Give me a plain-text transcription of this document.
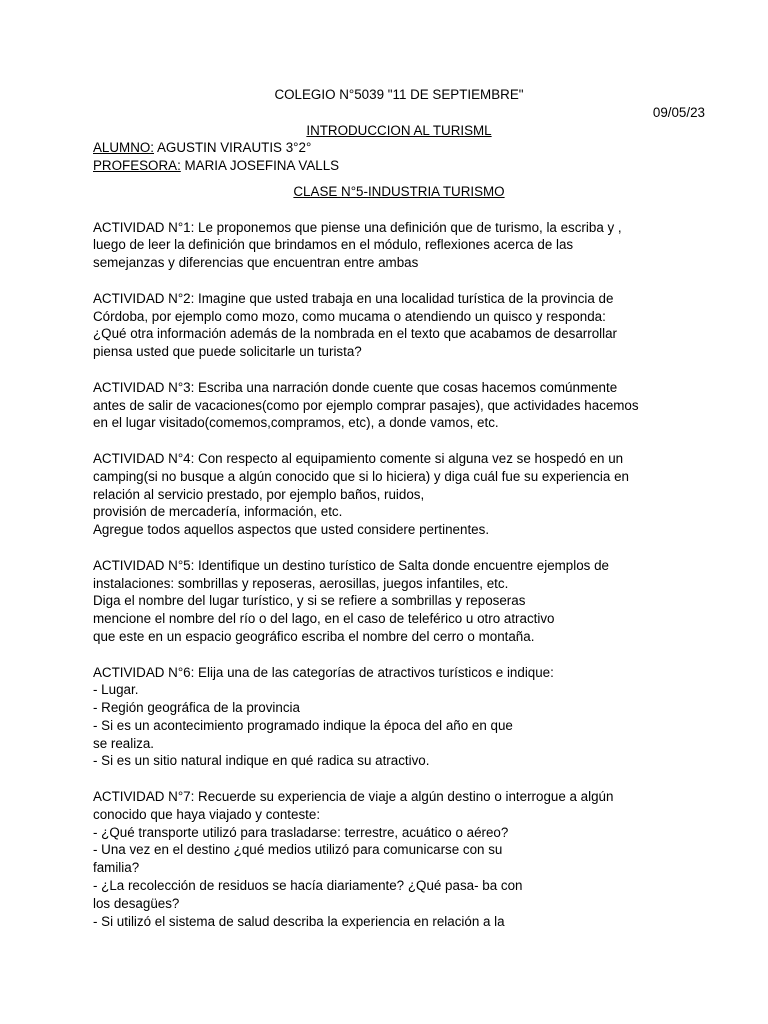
COLEGIO N°5039 "11 DE SEPTIEMBRE"
09/05/23
INTRODUCCION AL TURISML
ALUMNO: AGUSTIN VIRAUTIS 3°2°
PROFESORA: MARIA JOSEFINA VALLS
CLASE N°5-INDUSTRIA TURISMO
ACTIVIDAD N°1: Le proponemos que piense una definición que de turismo, la escriba y ,
luego de leer la definición que brindamos en el módulo, reflexiones acerca de las
semejanzas y diferencias que encuentran entre ambas
ACTIVIDAD N°2: Imagine que usted trabaja en una localidad turística de la provincia de
Córdoba, por ejemplo como mozo, como mucama o atendiendo un quisco y responda:
¿Qué otra información además de la nombrada en el texto que acabamos de desarrollar
piensa usted que puede solicitarle un turista?
ACTIVIDAD N°3: Escriba una narración donde cuente que cosas hacemos comúnmente
antes de salir de vacaciones(como por ejemplo comprar pasajes), que actividades hacemos
en el lugar visitado(comemos,compramos, etc), a donde vamos, etc.
ACTIVIDAD N°4: Con respecto al equipamiento comente si alguna vez se hospedó en un
camping(si no busque a algún conocido que si lo hiciera) y diga cuál fue su experiencia en
relación al servicio prestado, por ejemplo baños, ruidos,
provisión de mercadería, información, etc.
Agregue todos aquellos aspectos que usted considere pertinentes.
ACTIVIDAD N°5: Identifique un destino turístico de Salta donde encuentre ejemplos de
instalaciones: sombrillas y reposeras, aerosillas, juegos infantiles, etc.
Diga el nombre del lugar turístico, y si se refiere a sombrillas y reposeras
mencione el nombre del río o del lago, en el caso de teleférico u otro atractivo
que este en un espacio geográfico escriba el nombre del cerro o montaña.
ACTIVIDAD N°6: Elija una de las categorías de atractivos turísticos e indique:
- Lugar.
- Región geográfica de la provincia
- Si es un acontecimiento programado indique la época del año en que
se realiza.
- Si es un sitio natural indique en qué radica su atractivo.
ACTIVIDAD N°7: Recuerde su experiencia de viaje a algún destino o interrogue a algún
conocido que haya viajado y conteste:
- ¿Qué transporte utilizó para trasladarse: terrestre, acuático o aéreo?
- Una vez en el destino ¿qué medios utilizó para comunicarse con su
familia?
- ¿La recolección de residuos se hacía diariamente? ¿Qué pasa- ba con
los desagües?
- Si utilizó el sistema de salud describa la experiencia en relación a la
